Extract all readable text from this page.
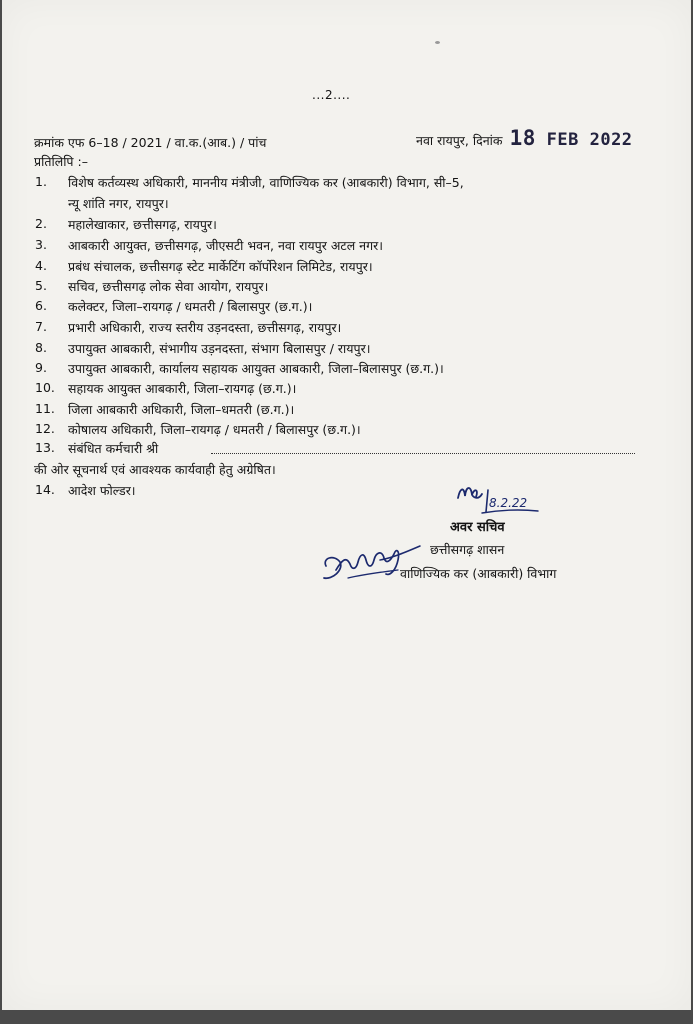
...2....
क्रमांक एफ 6–18 / 2021 / वा.क.(आब.) / पांच	नवा रायपुर, दिनांक 18 FEB 2022
प्रतिलिपि :–
1. विशेष कर्तव्यस्थ अधिकारी, माननीय मंत्रीजी, वाणिज्यिक कर (आबकारी) विभाग, सी–5,
न्यू शांति नगर, रायपुर।
2. महालेखाकार, छत्तीसगढ़, रायपुर।
3. आबकारी आयुक्त, छत्तीसगढ़, जीएसटी भवन, नवा रायपुर अटल नगर।
4. प्रबंध संचालक, छत्तीसगढ़ स्टेट मार्केटिंग कॉर्पोरेशन लिमिटेड, रायपुर।
5. सचिव, छत्तीसगढ़ लोक सेवा आयोग, रायपुर।
6. कलेक्टर, जिला–रायगढ़ / धमतरी / बिलासपुर (छ.ग.)।
7. प्रभारी अधिकारी, राज्य स्तरीय उड़नदस्ता, छत्तीसगढ़, रायपुर।
8. उपायुक्त आबकारी, संभागीय उड़नदस्ता, संभाग बिलासपुर / रायपुर।
9. उपायुक्त आबकारी, कार्यालय सहायक आयुक्त आबकारी, जिला–बिलासपुर (छ.ग.)।
10. सहायक आयुक्त आबकारी, जिला–रायगढ़ (छ.ग.)।
11. जिला आबकारी अधिकारी, जिला–धमतरी (छ.ग.)।
12. कोषालय अधिकारी, जिला–रायगढ़ / धमतरी / बिलासपुर (छ.ग.)।
13. संबंधित कर्मचारी श्री
की ओर सूचनार्थ एवं आवश्यक कार्यवाही हेतु अग्रेषित।
14. आदेश फोल्डर।
8.2.22
अवर सचिव
छत्तीसगढ़ शासन
वाणिज्यिक कर (आबकारी) विभाग
